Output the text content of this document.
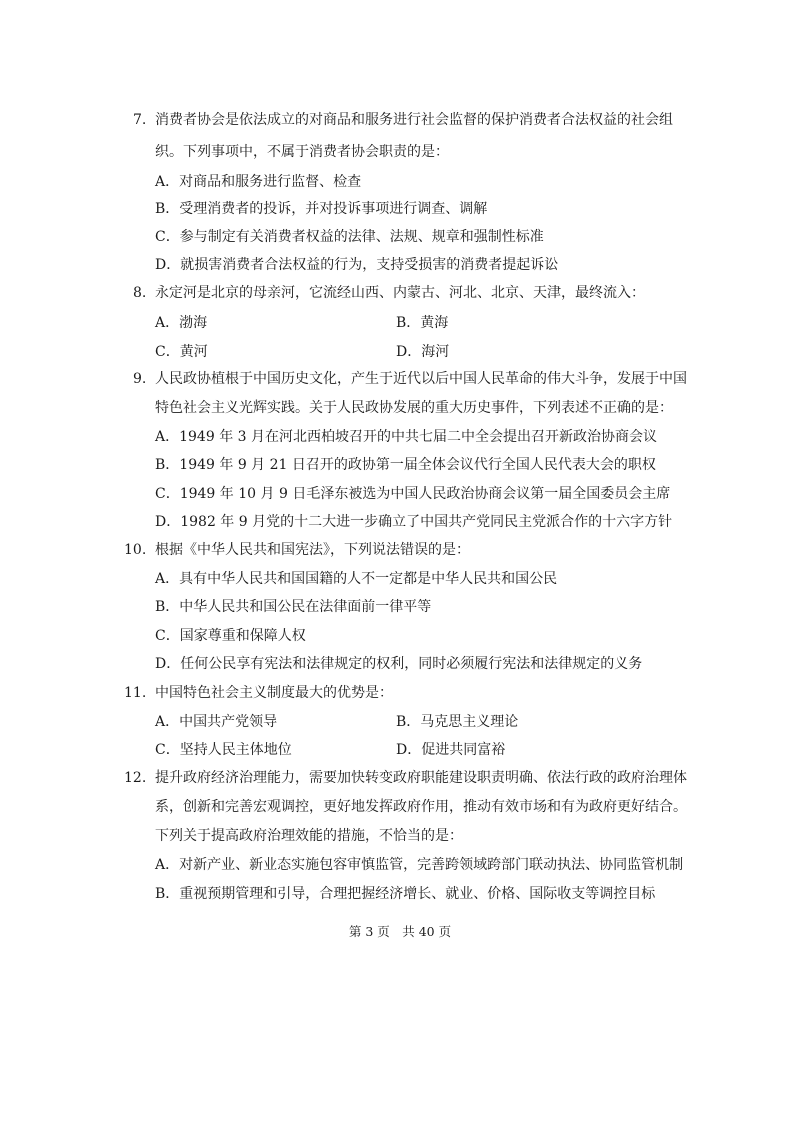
7. 消费者协会是依法成立的对商品和服务进行社会监督的保护消费者合法权益的社会组
织。下列事项中，不属于消费者协会职责的是：
A．对商品和服务进行监督、检查
B．受理消费者的投诉，并对投诉事项进行调查、调解
C．参与制定有关消费者权益的法律、法规、规章和强制性标准
D．就损害消费者合法权益的行为，支持受损害的消费者提起诉讼
8. 永定河是北京的母亲河，它流经山西、内蒙古、河北、北京、天津，最终流入：
A．渤海	B．黄海
C．黄河	D．海河
9. 人民政协植根于中国历史文化，产生于近代以后中国人民革命的伟大斗争，发展于中国
特色社会主义光辉实践。关于人民政协发展的重大历史事件，下列表述不正确的是：
A．1949 年 3 月在河北西柏坡召开的中共七届二中全会提出召开新政治协商会议
B．1949 年 9 月 21 日召开的政协第一届全体会议代行全国人民代表大会的职权
C．1949 年 10 月 9 日毛泽东被选为中国人民政治协商会议第一届全国委员会主席
D．1982 年 9 月党的十二大进一步确立了中国共产党同民主党派合作的十六字方针
10. 根据《中华人民共和国宪法》，下列说法错误的是：
A．具有中华人民共和国国籍的人不一定都是中华人民共和国公民
B．中华人民共和国公民在法律面前一律平等
C．国家尊重和保障人权
D．任何公民享有宪法和法律规定的权利，同时必须履行宪法和法律规定的义务
11. 中国特色社会主义制度最大的优势是：
A．中国共产党领导	B．马克思主义理论
C．坚持人民主体地位	D．促进共同富裕
12. 提升政府经济治理能力，需要加快转变政府职能建设职责明确、依法行政的政府治理体
系，创新和完善宏观调控，更好地发挥政府作用，推动有效市场和有为政府更好结合。
下列关于提高政府治理效能的措施，不恰当的是：
A．对新产业、新业态实施包容审慎监管，完善跨领域跨部门联动执法、协同监管机制
B．重视预期管理和引导，合理把握经济增长、就业、价格、国际收支等调控目标
第 3 页　共 40 页
